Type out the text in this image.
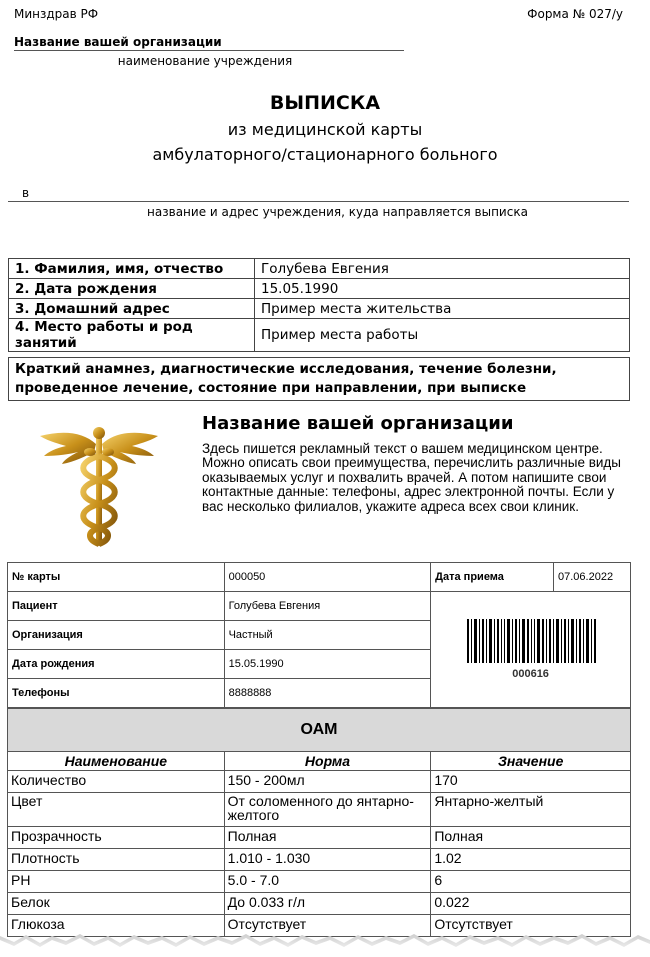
Минздрав РФ	Форма № 027/у
Название вашей организации
наименование учреждения
ВЫПИСКА
из медицинской карты
амбулаторного/стационарного больного
в
название и адрес учреждения, куда направляется выписка
1. Фамилия, имя, отчество	Голубева Евгения
2. Дата рождения	15.05.1990
3. Домашний адрес	Пример места жительства
4. Место работы и род занятий	Пример места работы
Краткий анамнез, диагностические исследования, течение болезни, проведенное лечение, состояние при направлении, при выписке
Название вашей организации
Здесь пишется рекламный текст о вашем медицинском центре. Можно описать свои преимущества, перечислить различные виды оказываемых услуг и похвалить врачей. А потом напишите свои контактные данные: телефоны, адрес электронной почты. Если у вас несколько филиалов, укажите адреса всех свои клиник.
№ карты	000050	Дата приема	07.06.2022
Пациент	Голубева Евгения	000616	

Организация	Частный		
Дата рождения	15.05.1990		
Телефоны	8888888		
ОАМ		
Наименование	Норма	Значение
Количество	150 - 200мл	170
Цвет	От соломенного до янтарно-желтого	Янтарно-желтый
Прозрачность	Полная	Полная
Плотность	1.010 - 1.030	1.02
РН	5.0 - 7.0	6
Белок	До 0.033 г/л	0.022
Глюкоза	Отсутствует	Отсутствует
